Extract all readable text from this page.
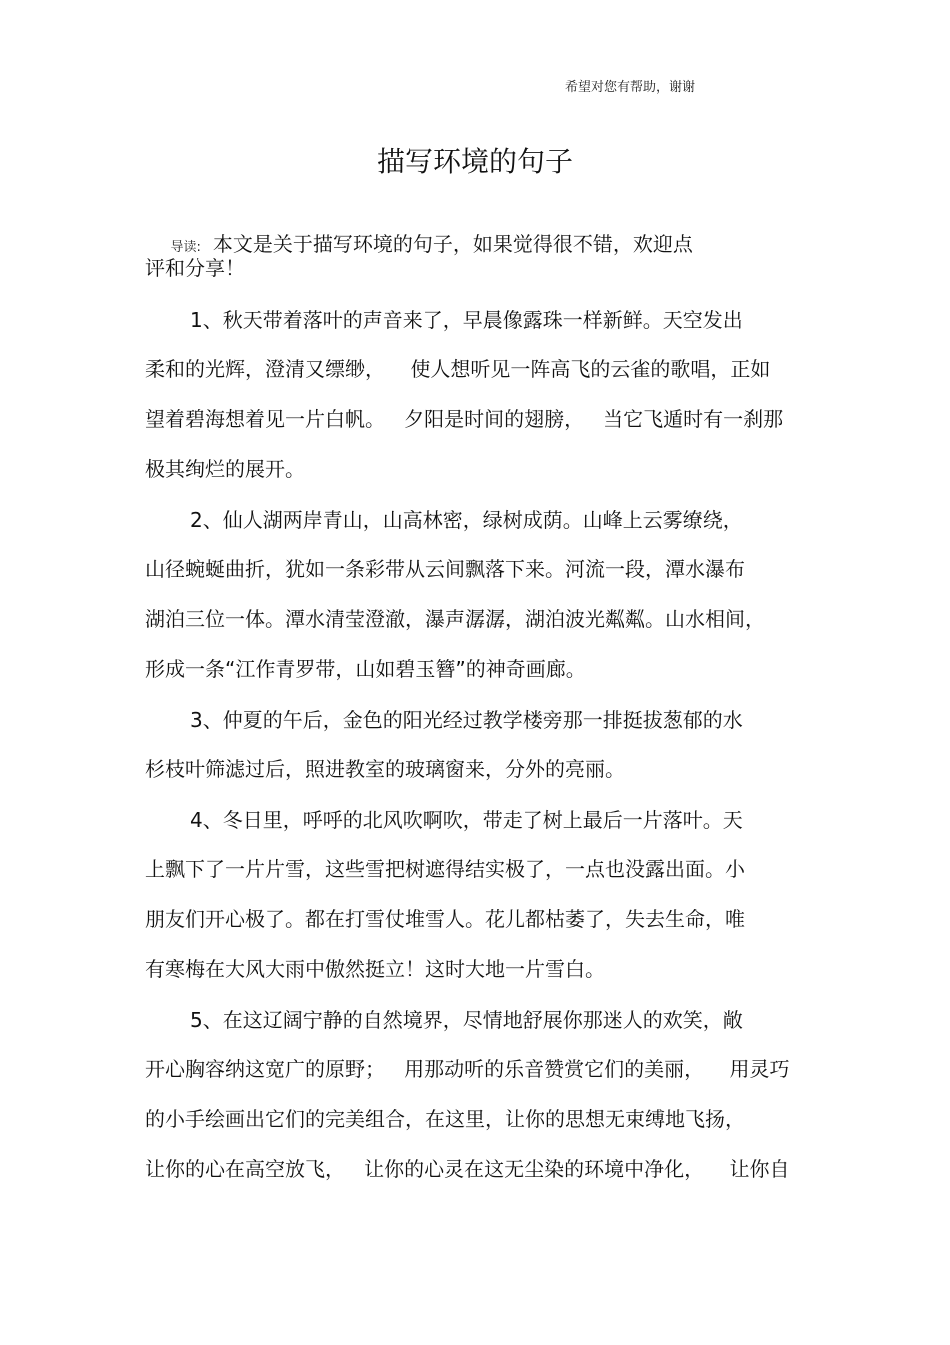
希望对您有帮助，谢谢
描写环境的句子

导读: 本文是关于描写环境的句子，如果觉得很不错，欢迎点

评和分享！
1、秋天带着落叶的声音来了，早晨像露珠一样新鲜。天空发出
柔和的光辉，澄清又缥缈，    使人想听见一阵高飞的云雀的歌唱，正如
望着碧海想着见一片白帆。   夕阳是时间的翅膀，   当它飞遁时有一刹那
极其绚烂的展开。
2、仙人湖两岸青山，山高林密，绿树成荫。山峰上云雾缭绕，
山径蜿蜒曲折，犹如一条彩带从云间飘落下来。河流一段，潭水瀑布
湖泊三位一体。潭水清莹澄澈，瀑声潺潺，湖泊波光粼粼。山水相间，
形成一条“江作青罗带，山如碧玉簪”的神奇画廊。
3、仲夏的午后，金色的阳光经过教学楼旁那一排挺拔葱郁的水
杉枝叶筛滤过后，照进教室的玻璃窗来，分外的亮丽。
4、冬日里，呼呼的北风吹啊吹，带走了树上最后一片落叶。天
上飘下了一片片雪，这些雪把树遮得结实极了，一点也没露出面。小
朋友们开心极了。都在打雪仗堆雪人。花儿都枯萎了，失去生命，唯
有寒梅在大风大雨中傲然挺立！这时大地一片雪白。
5、在这辽阔宁静的自然境界，尽情地舒展你那迷人的欢笑，敞
开心胸容纳这宽广的原野；   用那动听的乐音赞赏它们的美丽，    用灵巧
的小手绘画出它们的完美组合，在这里，让你的思想无束缚地飞扬，
让你的心在高空放飞，   让你的心灵在这无尘染的环境中净化，    让你自
